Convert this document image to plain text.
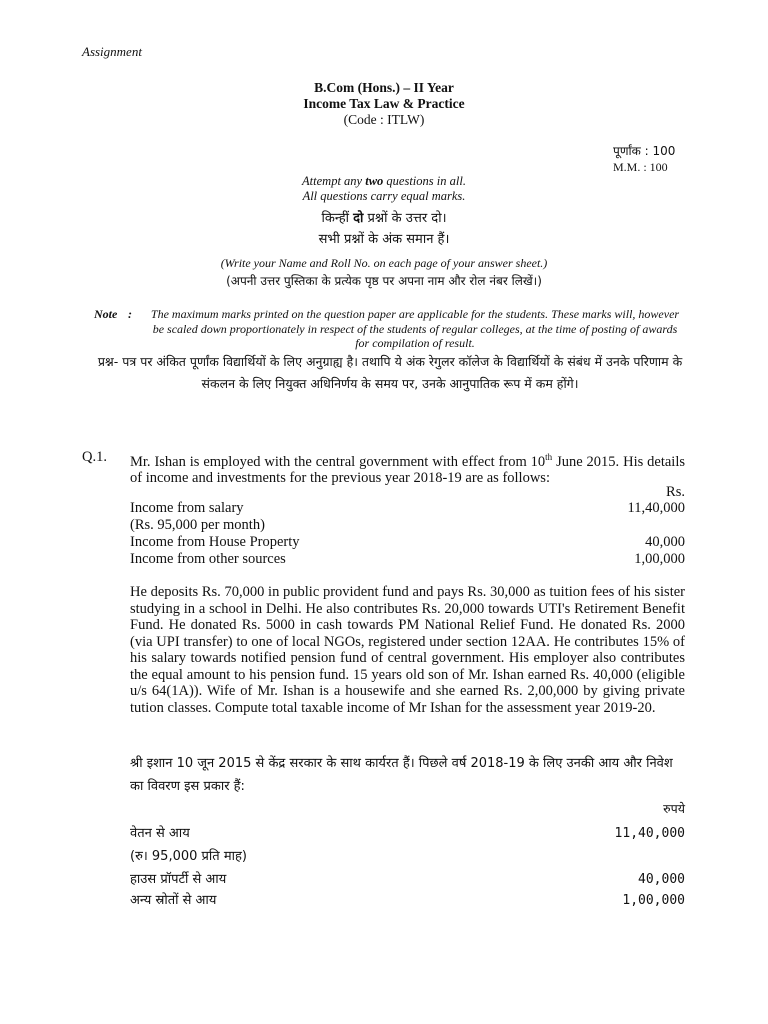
Assignment
B.Com (Hons.) – II Year
Income Tax Law & Practice
(Code : ITLW)
पूर्णांक : 100
M.M. : 100
Attempt any two questions in all.
All questions carry equal marks.
किन्हीं दो प्रश्नों के उत्तर दो।
सभी प्रश्नों के अंक समान हैं।
(Write your Name and Roll No. on each page of your answer sheet.)
(अपनी उत्तर पुस्तिका के प्रत्येक पृष्ठ पर अपना नाम और रोल नंबर लिखें।)
Note : The maximum marks printed on the question paper are applicable for the students. These marks will, however be scaled down proportionately in respect of the students of regular colleges, at the time of posting of awards for compilation of result.
प्रश्न- पत्र पर अंकित पूर्णांक विद्यार्थियों के लिए अनुग्राह्य है। तथापि ये अंक रेगुलर कॉलेज के विद्यार्थियों के संबंध में उनके परिणाम के संकलन के लिए नियुक्त अधिनिर्णय के समय पर, उनके आनुपातिक रूप में कम होंगे।
Q.1. Mr. Ishan is employed with the central government with effect from 10th June 2015. His details of income and investments for the previous year 2018-19 are as follows:
Rs.
Income from salary	11,40,000
(Rs. 95,000 per month)
Income from House Property	40,000
Income from other sources	1,00,000
He deposits Rs. 70,000 in public provident fund and pays Rs. 30,000 as tuition fees of his sister studying in a school in Delhi. He also contributes Rs. 20,000 towards UTI's Retirement Benefit Fund. He donated Rs. 5000 in cash towards PM National Relief Fund. He donated Rs. 2000 (via UPI transfer) to one of local NGOs, registered under section 12AA. He contributes 15% of his salary towards notified pension fund of central government. His employer also contributes the equal amount to his pension fund. 15 years old son of Mr. Ishan earned Rs. 40,000 (eligible u/s 64(1A)). Wife of Mr. Ishan is a housewife and she earned Rs. 2,00,000 by giving private tution classes. Compute total taxable income of Mr Ishan for the assessment year 2019-20.
श्री इशान 10 जून 2015 से केंद्र सरकार के साथ कार्यरत हैं। पिछले वर्ष 2018-19 के लिए उनकी आय और निवेश का विवरण इस प्रकार हैं:
रुपये
वेतन से आय	11,40,000
(रु। 95,000 प्रति माह)
हाउस प्रॉपर्टी से आय	40,000
अन्य स्रोतों से आय	1,00,000
